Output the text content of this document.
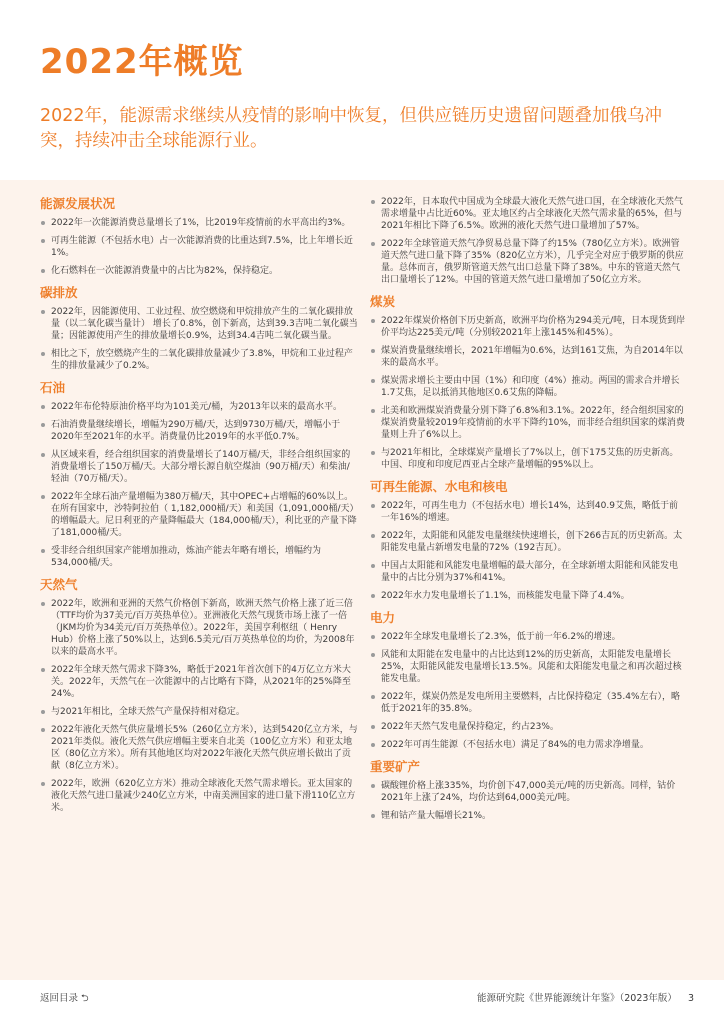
2022年概览
2022年，能源需求继续从疫情的影响中恢复，但供应链历史遗留问题叠加俄乌冲突，持续冲击全球能源行业。
能源发展状况
2022年一次能源消费总量增长了1%，比2019年疫情前的水平高出约3%。
可再生能源（不包括水电）占一次能源消费的比重达到7.5%，比上年增长近1%。
化石燃料在一次能源消费量中的占比为82%，保持稳定。
碳排放
2022年，因能源使用、工业过程、放空燃烧和甲烷排放产生的二氧化碳排放量（以二氧化碳当量计） 增长了0.8%，创下新高，达到39.3吉吨二氧化碳当量；因能源使用产生的排放量增长0.9%，达到34.4吉吨二氧化碳当量。
相比之下，放空燃烧产生的二氧化碳排放量减少了3.8%，甲烷和工业过程产生的排放量减少了0.2%。
石油
2022年布伦特原油价格平均为101美元/桶，为2013年以来的最高水平。
石油消费量继续增长，增幅为290万桶/天，达到9730万桶/天，增幅小于2020年至2021年的水平。消费量仍比2019年的水平低0.7%。
从区域来看，经合组织国家的消费量增长了140万桶/天，非经合组织国家的消费量增长了150万桶/天。大部分增长源自航空煤油（90万桶/天）和柴油/轻油（70万桶/天）。
2022年全球石油产量增幅为380万桶/天，其中OPEC+占增幅的60%以上。在所有国家中，沙特阿拉伯（ 1,182,000桶/天）和美国（1,091,000桶/天）的增幅最大。尼日利亚的产量降幅最大（184,000桶/天），利比亚的产量下降了181,000桶/天。
受非经合组织国家产能增加推动，炼油产能去年略有增长，增幅约为534,000桶/天。
天然气
2022年，欧洲和亚洲的天然气价格创下新高，欧洲天然气价格上涨了近三倍（TTF均价为37美元/百万英热单位）。亚洲液化天然气现货市场上涨了一倍（JKM均价为34美元/百万英热单位）。2022年，美国亨利枢纽（ Henry Hub）价格上涨了50%以上，达到6.5美元/百万英热单位的均价，为2008年以来的最高水平。
2022年全球天然气需求下降3%，略低于2021年首次创下的4万亿立方米大关。2022年，天然气在一次能源中的占比略有下降，从2021年的25%降至24%。
与2021年相比，全球天然气产量保持相对稳定。
2022年液化天然气供应量增长5%（260亿立方米），达到5420亿立方米，与2021年类似。液化天然气供应增幅主要来自北美（100亿立方米）和亚太地区（80亿立方米）。所有其他地区均对2022年液化天然气供应增长做出了贡献（8亿立方米）。
2022年，欧洲（620亿立方米）推动全球液化天然气需求增长。亚太国家的液化天然气进口量减少240亿立方米，中南美洲国家的进口量下滑110亿立方米。
2022年，日本取代中国成为全球最大液化天然气进口国，在全球液化天然气需求增量中占比近60%。亚太地区约占全球液化天然气需求量的65%，但与2021年相比下降了6.5%。欧洲的液化天然气进口量增加了57%。
2022年全球管道天然气净贸易总量下降了约15%（780亿立方米）。欧洲管道天然气进口量下降了35%（820亿立方米），几乎完全对应于俄罗斯的供应量。总体而言，俄罗斯管道天然气出口总量下降了38%。中东的管道天然气出口量增长了12%。中国的管道天然气进口量增加了50亿立方米。
煤炭
2022年煤炭价格创下历史新高，欧洲平均价格为294美元/吨，日本现货到岸价平均达225美元/吨（分别较2021年上涨145%和45%）。
煤炭消费量继续增长，2021年增幅为0.6%，达到161艾焦，为自2014年以来的最高水平。
煤炭需求增长主要由中国（1%）和印度（4%）推动。两国的需求合并增长1.7艾焦，足以抵消其他地区0.6艾焦的降幅。
北美和欧洲煤炭消费量分别下降了6.8%和3.1%。2022年，经合组织国家的煤炭消费量较2019年疫情前的水平下降约10%，而非经合组织国家的煤消费量则上升了6%以上。
与2021年相比，全球煤炭产量增长了7%以上，创下175艾焦的历史新高。中国、印度和印度尼西亚占全球产量增幅的95%以上。
可再生能源、水电和核电
2022年，可再生电力（不包括水电）增长14%，达到40.9艾焦，略低于前一年16%的增速。
2022年，太阳能和风能发电量继续快速增长，创下266吉瓦的历史新高。太阳能发电量占新增发电量的72%（192吉瓦）。
中国占太阳能和风能发电量增幅的最大部分，在全球新增太阳能和风能发电量中的占比分别为37%和41%。
2022年水力发电量增长了1.1%，而核能发电量下降了4.4%。
电力
2022年全球发电量增长了2.3%，低于前一年6.2%的增速。
风能和太阳能在发电量中的占比达到12%的历史新高，太阳能发电量增长25%，太阳能风能发电量增长13.5%。风能和太阳能发电量之和再次超过核能发电量。
2022年，煤炭仍然是发电所用主要燃料，占比保持稳定（35.4%左右），略低于2021年的35.8%。
2022年天然气发电量保持稳定，约占23%。
2022年可再生能源（不包括水电）满足了84%的电力需求净增量。
重要矿产
碳酸锂价格上涨335%，均价创下47,000美元/吨的历史新高。同样，钴价2021年上涨了24%，均价达到64,000美元/吨。
锂和钴产量大幅增长21%。
返回目录 ⮌	能源研究院《世界能源统计年鉴》（2023年版） 3
